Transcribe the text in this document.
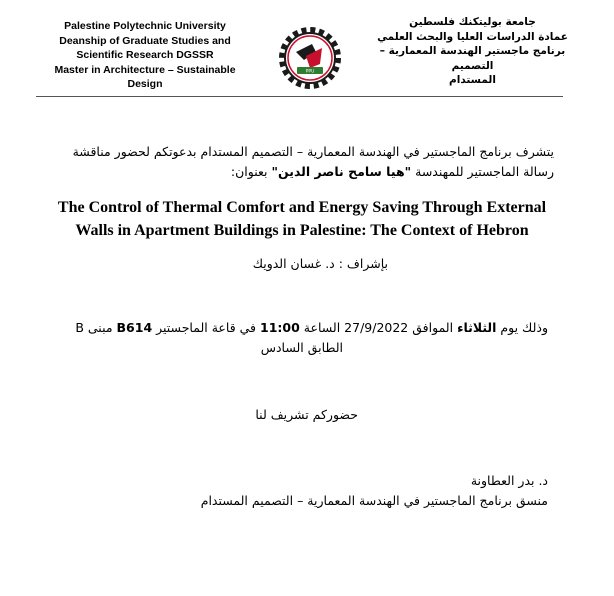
Palestine Polytechnic University
Deanship of Graduate Studies and
Scientific Research DGSSR
Master in Architecture – Sustainable
Design
PPU
جامعة بوليتكنك فلسطين
عمادة الدراسات العليا والبحث العلمي
برنامج ماجستير الهندسة المعمارية – التصميم
المستدام
يتشرف برنامج الماجستير في الهندسة المعمارية – التصميم المستدام بدعوتكم لحضور مناقشة
رسالة الماجستير للمهندسة "هيا سامح ناصر الدين" بعنوان:
The Control of Thermal Comfort and Energy Saving Through External
Walls in Apartment Buildings in Palestine: The Context of Hebron
بإشراف : د. غسان الدويك
وذلك يوم الثلاثاء الموافق 27/9/2022 الساعة 11:00 في قاعة الماجستير B614 مبنى B
الطابق السادس
حضوركم تشريف لنا
د. بدر العطاونة
منسق برنامج الماجستير في الهندسة المعمارية – التصميم المستدام
